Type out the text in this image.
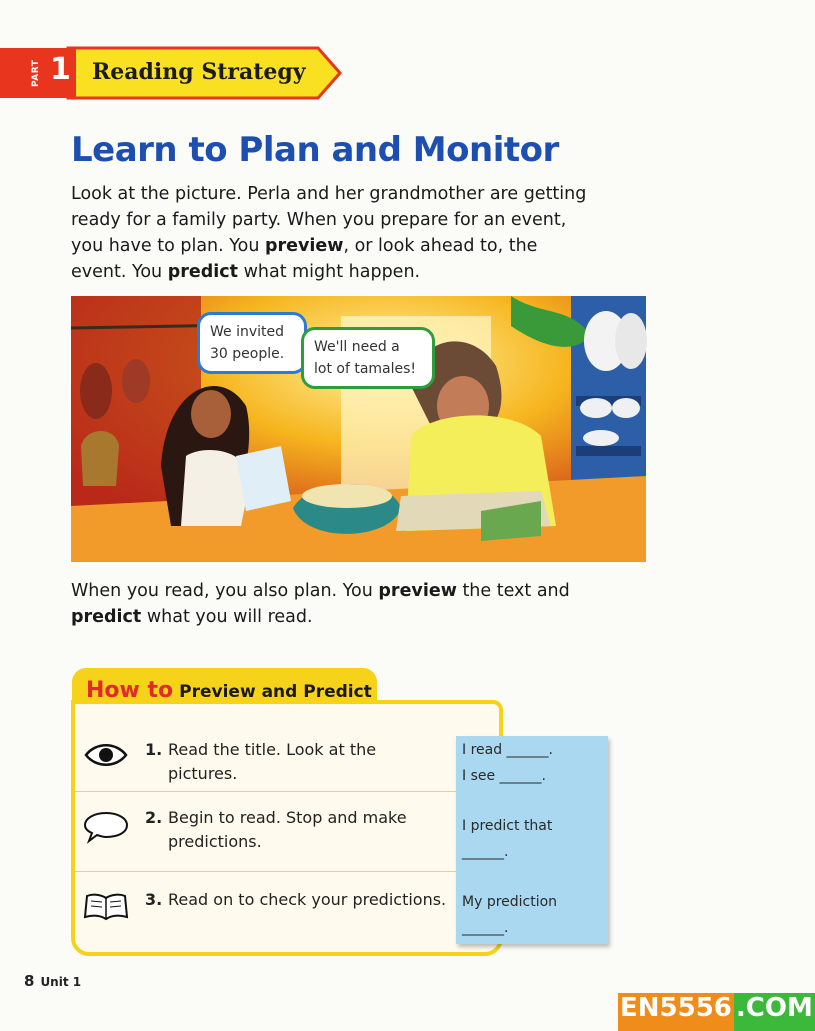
PART 1 Reading Strategy
Learn to Plan and Monitor

Look at the picture. Perla and her grandmother are getting ready for a family party. When you prepare for an event, you have to plan. You preview, or look ahead to, the event. You predict what might happen.

We invited
30 people.	We'll need a
lot of tamales!

When you read, you also plan. You preview the text and predict what you will read.

How to Preview and Predict
1. Read the title. Look at the pictures.
2. Begin to read. Stop and make predictions.
3. Read on to check your predictions.
I read ______.
I see ______.
I predict that
______.
My prediction
______.
8 Unit 1
EN5556 .COM
